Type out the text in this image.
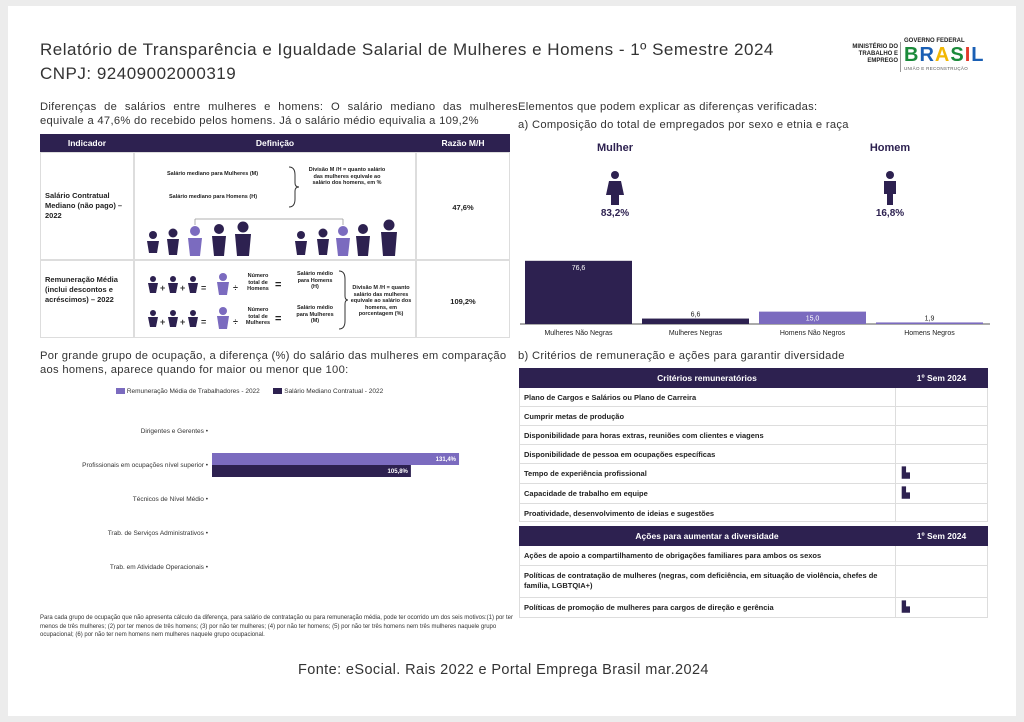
Relatório de Transparência e Igualdade Salarial de Mulheres e Homens - 1º Semestre 2024
CNPJ: 92409002000319
MINISTÉRIO DO TRABALHO E EMPREGO
GOVERNO FEDERAL
BRASIL
UNIÃO E RECONSTRUÇÃO
Diferenças de salários entre mulheres e homens: O salário mediano das mulheres equivale a 47,6% do recebido pelos homens. Já o salário médio equivalia a 109,2%
Indicador	Definição	Razão M/H
Salário Contratual Mediano (não pago) – 2022
Salário mediano para Mulheres (M)
Salário mediano para Homens (H)
Divisão M /H = quanto salário das mulheres equivale ao salário dos homens, em %
47,6%
Remuneração Média (inclui descontos e acréscimos) – 2022
+ + =	÷
+ + =	÷
Número total de Homens =
Salário médio para Homens (H)
Número total de Mulheres =
Salário médio para Mulheres (M)
Divisão M /H = quanto salário das mulheres equivale ao salário dos homens, em porcentagem (%)
109,2%
Por grande grupo de ocupação, a diferença (%) do salário das mulheres em comparação aos homens, aparece quando for maior ou menor que 100:
Remuneração Média de Trabalhadores - 2022	Salário Mediano Contratual - 2022
Dirigentes e Gerentes •
Profissionais em ocupações nível superior •
131,4%
105,8%
Técnicos de Nível Médio •
Trab. de Serviços Administrativos •
Trab. em Atividade Operacionais •
Para cada grupo de ocupação que não apresenta cálculo da diferença, para salário de contratação ou para remuneração média, pode ter ocorrido um dos seis motivos:(1) por ter menos de três mulheres; (2) por ter menos de três homens; (3) por não ter mulheres; (4) por não ter homens; (5) por não ter três homens nem três mulheres naquele grupo ocupacional; (6) por não ter nem homens nem mulheres naquele grupo ocupacional.
Elementos que podem explicar as diferenças verificadas:
a) Composição do total de empregados por sexo e etnia e raça
Mulher
83,2%
Homem
16,8%
76,6
Mulheres Não Negras
6,6
Mulheres Negras
15,0
Homens Não Negros
1,9
Homens Negros
b) Critérios de remuneração e ações para garantir diversidade
Critérios remuneratórios	1º Sem 2024
Plano de Cargos e Salários ou Plano de Carreira
Cumprir metas de produção
Disponibilidade para horas extras, reuniões com clientes e viagens
Disponibilidade de pessoa em ocupações específicas
Tempo de experiência profissional	▙
Capacidade de trabalho em equipe	▙
Proatividade, desenvolvimento de ideias e sugestões
Ações para aumentar a diversidade	1º Sem 2024
Ações de apoio a compartilhamento de obrigações familiares para ambos os sexos
Políticas de contratação de mulheres (negras, com deficiência, em situação de violência, chefes de família, LGBTQIA+)
Políticas de promoção de mulheres para cargos de direção e gerência	▙
Fonte: eSocial. Rais 2022 e Portal Emprega Brasil mar.2024
